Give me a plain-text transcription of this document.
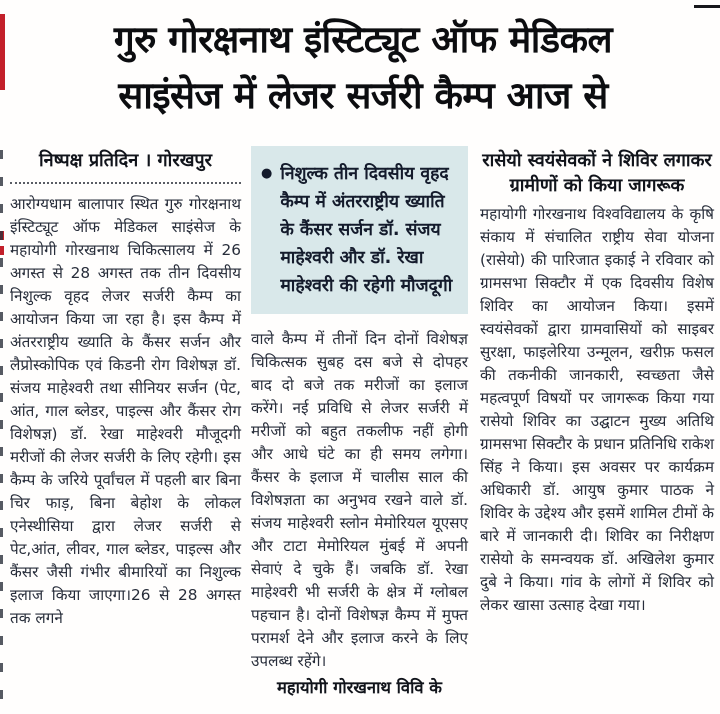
गुरु गोरक्षनाथ इंस्टिट्यूट ऑफ मेडिकल
साइंसेज में लेजर सर्जरी कैम्प आज से
निष्पक्ष प्रतिदिन । गोरखपुर

आरोग्यधाम बालापार स्थित गुरु गोरक्षनाथ इंस्टिट्यूट ऑफ मेडिकल साइंसेज के महायोगी गोरखनाथ चिकित्सालय में 26 अगस्त से 28 अगस्त तक तीन दिवसीय निशुल्क वृहद लेजर सर्जरी कैम्प का आयोजन किया जा रहा है। इस कैम्प में अंतरराष्ट्रीय ख्याति के कैंसर सर्जन और लैप्रोस्कोपिक एवं किडनी रोग विशेषज्ञ डॉ. संजय माहेश्वरी तथा सीनियर सर्जन (पेट, आंत, गाल ब्लेडर, पाइल्स और कैंसर रोग विशेषज्ञ) डॉ. रेखा माहेश्वरी मौजूदगी मरीजों की लेजर सर्जरी के लिए रहेगी। इस कैम्प के जरिये पूर्वांचल में पहली बार बिना चिर फाड़, बिना बेहोश के लोकल एनेस्थीसिया द्वारा लेजर सर्जरी से पेट,आंत, लीवर, गाल ब्लेडर, पाइल्स और कैंसर जैसी गंभीर बीमारियों का निशुल्क इलाज किया जाएगा।26 से 28 अगस्त तक लगने

● निशुल्क तीन दिवसीय वृहद कैम्प में अंतरराष्ट्रीय ख्याति के कैंसर सर्जन डॉ. संजय माहेश्वरी और डॉ. रेखा माहेश्वरी की रहेगी मौजदूगी

वाले कैम्प में तीनों दिन दोनों विशेषज्ञ चिकित्सक सुबह दस बजे से दोपहर बाद दो बजे तक मरीजों का इलाज करेंगे। नई प्रविधि से लेजर सर्जरी में मरीजों को बहुत तकलीफ नहीं होगी और आधे घंटे का ही समय लगेगा। कैंसर के इलाज में चालीस साल की विशेषज्ञता का अनुभव रखने वाले डॉ. संजय माहेश्वरी स्लोन मेमोरियल यूएसए और टाटा मेमोरियल मुंबई में अपनी सेवाएं दे चुके हैं। जबकि डॉ. रेखा माहेश्वरी भी सर्जरी के क्षेत्र में ग्लोबल पहचान है। दोनों विशेषज्ञ कैम्प में मुफ्त परामर्श देने और इलाज करने के लिए उपलब्ध रहेंगे।

महायोगी गोरखनाथ विवि के
रासेयो स्वयंसेवकों ने शिविर लगाकर ग्रामीणों को किया जागरूक

महायोगी गोरखनाथ विश्वविद्यालय के कृषि संकाय में संचालित राष्ट्रीय सेवा योजना (रासेयो) की पारिजात इकाई ने रविवार को ग्रामसभा सिक्टौर में एक दिवसीय विशेष शिविर का आयोजन किया। इसमें स्वयंसेवकों द्वारा ग्रामवासियों को साइबर सुरक्षा, फाइलेरिया उन्मूलन, खरीफ़ फसल की तकनीकी जानकारी, स्वच्छता जैसे महत्वपूर्ण विषयों पर जागरूक किया गया रासेयो शिविर का उद्घाटन मुख्य अतिथि ग्रामसभा सिक्टौर के प्रधान प्रतिनिधि राकेश सिंह ने किया। इस अवसर पर कार्यक्रम अधिकारी डॉ. आयुष कुमार पाठक ने शिविर के उद्देश्य और इसमें शामिल टीमों के बारे में जानकारी दी। शिविर का निरीक्षण रासेयो के समन्वयक डॉ. अखिलेश कुमार दुबे ने किया। गांव के लोगों में शिविर को लेकर खासा उत्साह देखा गया।
